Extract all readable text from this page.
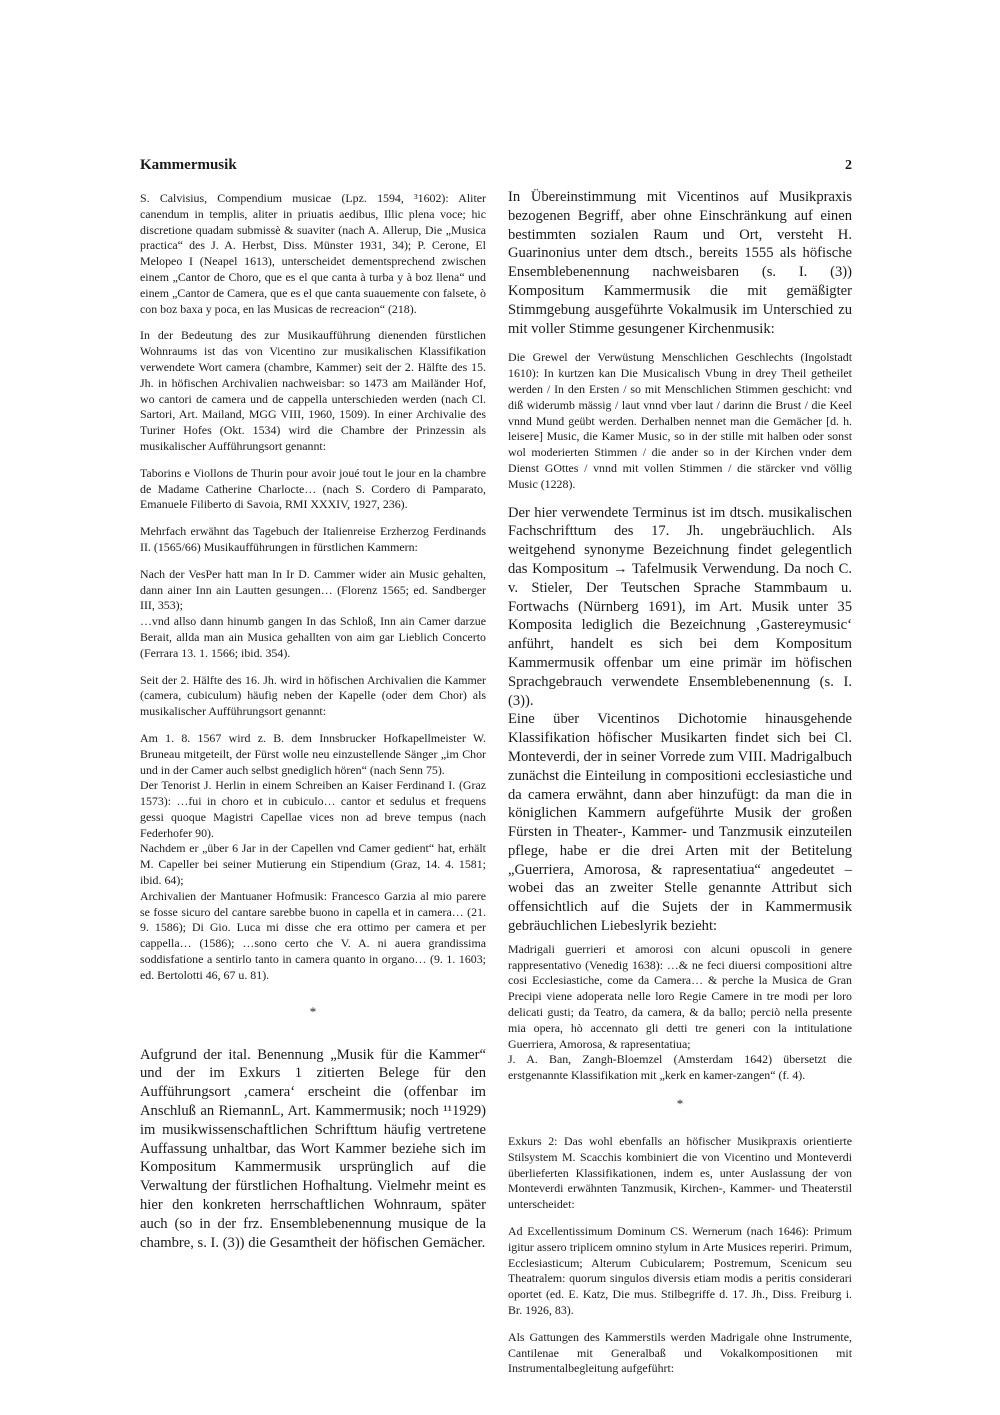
Kammermusik	2

S. Calvisius, Compendium musicae (Lpz. 1594, ³1602): Aliter canendum in templis, aliter in priuatis aedibus, Illic plena voce; hic discretione quadam submissè & suaviter (nach A. Allerup, Die „Musica practica“ des J. A. Herbst, Diss. Münster 1931, 34); P. Cerone, El Melopeo I (Neapel 1613), unterscheidet dementsprechend zwischen einem „Cantor de Choro, que es el que canta à turba y à boz llena“ und einem „Cantor de Camera, que es el que canta suaueme​nte con falsete, ò con boz baxa y poca, en las Musicas de recreacion“ (218).

In der Bedeutung des zur Musikaufführung dienenden fürstlichen Wohnraums ist das von Vicentino zur musikalischen Klassifikation verwendete Wort camera (chambre, Kammer) seit der 2. Hälfte des 15. Jh. in höfischen Archivalien nachweisbar: so 1473 am Mailänder Hof, wo cantori de camera und de cappella unterschieden werden (nach Cl. Sartori, Art. Mailand, MGG VIII, 1960, 1509). In einer Archivalie des Turiner Hofes (Okt. 1534) wird die Chambre der Prinzessin als musikalischer Aufführungsort genannt:

Taborins e Viollons de Thurin pour avoir joué tout le jour en la chambre de Madame Catherine Charlocte… (nach S. Cordero di Pamparato, Emanuele Filiberto di Savoia, RMI XXXIV, 1927, 236).

Mehrfach erwähnt das Tagebuch der Italienreise Erzherzog Ferdinands II. (1565/66) Musikaufführungen in fürstlichen Kammern:

Nach der VesPer hatt man In Ir D. Cammer wider ain Music gehalten, dann ainer Inn ain Lautten gesungen… (Florenz 1565; ed. Sandberger III, 353);

…vnd allso dann hinumb gangen In das Schloß, Inn ain Camer darzue Berait, allda man ain Musica gehallten von aim gar Lieblich Concerto (Ferrara 13. 1. 1566; ibid. 354).

Seit der 2. Hälfte des 16. Jh. wird in höfischen Archivalien die Kammer (camera, cubiculum) häufig neben der Kapelle (oder dem Chor) als musikalischer Aufführungsort genannt:

Am 1. 8. 1567 wird z. B. dem Innsbrucker Hofkapellmeister W. Bruneau mitgeteilt, der Fürst wolle neu einzustellende Sänger „im Chor und in der Camer auch selbst gnediglich hören“ (nach Senn 75).

Der Tenorist J. Herlin in einem Schreiben an Kaiser Ferdinand I. (Graz 1573): …fui in choro et in cubiculo… cantor et sedulus et frequens gessi quoque Magistri Capellae vices non ad breve tempus (nach Federhofer 90).

Nachdem er „über 6 Jar in der Capellen vnd Camer gedient“ hat, erhält M. Capeller bei seiner Mutierung ein Stipendium (Graz, 14. 4. 1581; ibid. 64);

Archivalien der Mantuaner Hofmusik: Francesco Garzia al mio parere se fosse sicuro del cantare sarebbe buono in capella et in camera… (21. 9. 1586); Di Gio. Luca mi disse che era ottimo per camera et per cappella… (1586); …sono certo che V. A. ni auera grandissima soddisfatione a sentirlo tanto in camera quanto in organo… (9. 1. 1603; ed. Bertolotti 46, 67 u. 81).

*

Aufgrund der ital. Benennung „Musik für die Kammer“ und der im Exkurs 1 zitierten Belege für den Aufführungsort ‚camera‘ erscheint die (offenbar im Anschluß an RiemannL, Art. Kammermusik; noch ¹¹1929) im musikwissenschaftlichen Schrifttum häufig vertretene Auffassung unhaltbar, das Wort Kammer beziehe sich im Kompositum Kammermusik ursprünglich auf die Verwaltung der fürstlichen Hofhaltung. Vielmehr meint es hier den konkreten herrschaftlichen Wohnraum, später auch (so in der frz. Ensemblebenennung musique de la chambre, s. I. (3)) die Gesamtheit der höfischen Gemächer.

In Übereinstimmung mit Vicentinos auf Musikpraxis bezogenen Begriff, aber ohne Einschränkung auf einen bestimmten sozialen Raum und Ort, versteht H. Guarinonius unter dem dtsch., bereits 1555 als höfische Ensemblebenennung nachweisbaren (s. I. (3)) Kompositum Kammermusik die mit gemäßigter Stimmgebung ausgeführte Vokalmusik im Unterschied zu mit voller Stimme gesungener Kirchenmusik:

Die Grewel der Verwüstung Menschlichen Geschlechts (Ingolstadt 1610): In kurtzen kan Die Musicalisch Vbung in drey Theil getheilet werden / In den Ersten / so mit Menschlichen Stimmen geschicht: vnd diß widerumb mässig / laut vnnd vber laut / darinn die Brust / die Keel vnnd Mund geübt werden. Derhalben nennet man die Gemächer [d. h. leisere] Music, die Kamer Music, so in der stille mit halben oder sonst wol moderierten Stimmen / die ander so in der Kirchen vnder dem Dienst GOttes / vnnd mit vollen Stimmen / die stärcker vnd völlig Music (1228).

Der hier verwendete Terminus ist im dtsch. musikalischen Fachschrifttum des 17. Jh. ungebräuchlich. Als weitgehend synonyme Bezeichnung findet gelegentlich das Kompositum → Tafelmusik Verwendung. Da noch C. v. Stieler, Der Teutschen Sprache Stammbaum u. Fortwachs (Nürnberg 1691), im Art. Musik unter 35 Komposita lediglich die Bezeichnung ‚Gastereymusic‘ anführt, handelt es sich bei dem Kompositum Kammermusik offenbar um eine primär im höfischen Sprachgebrauch verwendete Ensemblebenennung (s. I. (3)).

Eine über Vicentinos Dichotomie hinausgehende Klassifikation höfischer Musikarten findet sich bei Cl. Monteverdi, der in seiner Vorrede zum VIII. Madrigalbuch zunächst die Einteilung in compositioni ecclesiastiche und da camera erwähnt, dann aber hinzufügt: da man die in königlichen Kammern aufgeführte Musik der großen Fürsten in Theater-, Kammer- und Tanzmusik einzuteilen pflege, habe er die drei Arten mit der Betitelung „Guerriera, Amorosa, & rapresentatiua“ angedeutet – wobei das an zweiter Stelle genannte Attribut sich offensichtlich auf die Sujets der in Kammermusik gebräuchlichen Liebeslyrik bezieht:

Madrigali guerrieri et amorosi con alcuni opuscoli in genere rappresentativo (Venedig 1638): …& ne feci diuersi compositioni altre cosi Ecclesiastiche, come da Camera… & perche la Musica de Gran Precipi viene adoperata nelle loro Regie Camere in tre modi per loro delicati gusti; da Teatro, da camera, & da ballo; perciò nella presente mia opera, hò accennato gli detti tre generi con la intitulatione Guerriera, Amorosa, & rapresentatiua;

J. A. Ban, Zangh-Bloemzel (Amsterdam 1642) übersetzt die erstgenannte Klassifikation mit „kerk en kamer-zangen“ (f. 4).

*

Exkurs 2: Das wohl ebenfalls an höfischer Musikpraxis orientierte Stilsystem M. Scacchis kombiniert die von Vicentino und Monteverdi überlieferten Klassifikationen, indem es, unter Auslassung der von Monteverdi erwähnten Tanzmusik, Kirchen-, Kammer- und Theaterstil unterscheidet:

Ad Excellentissimum Dominum CS. Wernerum (nach 1646): Primum igitur assero triplicem omnino stylum in Arte Musices reperiri. Primum, Ecclesiasticum; Alterum Cubicularem; Postremum, Scenicum seu Theatralem: quorum singulos diversis etiam modis a peritis considerari oportet (ed. E. Katz, Die mus. Stilbegriffe d. 17. Jh., Diss. Freiburg i. Br. 1926, 83).

Als Gattungen des Kammerstils werden Madrigale ohne Instrumente, Cantilenae mit Generalbaß und Vokalkompositionen mit Instrumentalbegleitung aufgeführt:
